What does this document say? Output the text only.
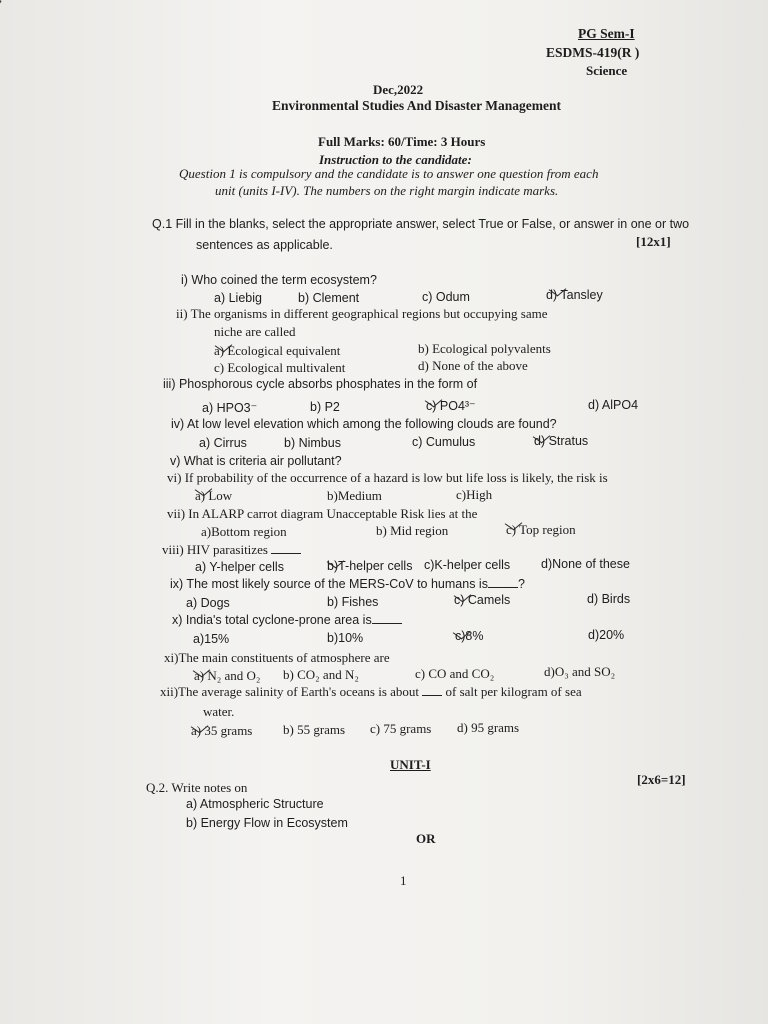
PG Sem-I
ESDMS-419(R )
Science
Dec,2022
Environmental Studies And Disaster Management
Full Marks: 60/Time: 3 Hours
Instruction to the candidate:
Question 1 is compulsory and the candidate is to answer one question from each
unit (units I-IV). The numbers on the right margin indicate marks.
Q.1 Fill in the blanks, select the appropriate answer, select True or False, or answer in one or two
sentences as applicable.	[12x1]
i) Who coined the term ecosystem?
a) Liebig	b) Clement	c) Odum	d) Tansley
ii) The organisms in different geographical regions but occupying same
niche are called
a) Ecological equivalent	b) Ecological polyvalents
c) Ecological multivalent	d) None of the above
iii) Phosphorous cycle absorbs phosphates in the form of
a) HPO3⁻	b) P2	c) PO4³⁻	d) AlPO4
iv) At low level elevation which among the following clouds are found?
a) Cirrus	b) Nimbus	c) Cumulus	d) Stratus
v) What is criteria air pollutant?
vi) If probability of the occurrence of a hazard is low but life loss is likely, the risk is
a) Low	b)Medium	c)High
vii) In ALARP carrot diagram Unacceptable Risk lies at the
a)Bottom region	b) Mid region	c) Top region
viii) HIV parasitizes
a) Y-helper cells	b)T-helper cells c)K-helper cells d)None of these
ix) The most likely source of the MERS-CoV to humans is ?
a) Dogs	b) Fishes	c) Camels	d) Birds
x) India's total cyclone-prone area is
a)15%	b)10%	c)8%	d)20%
xi)The main constituents of atmosphere are
a) N₂ and O₂ b) CO₂ and N₂	c) CO and CO₂	d)O₃ and SO₂
xii)The average salinity of Earth's oceans is about of salt per kilogram of sea
water.
a) 35 grams b) 55 grams c) 75 grams d) 95 grams
UNIT-I
Q.2. Write notes on
[2x6=12]
a) Atmospheric Structure
b) Energy Flow in Ecosystem
OR
1
